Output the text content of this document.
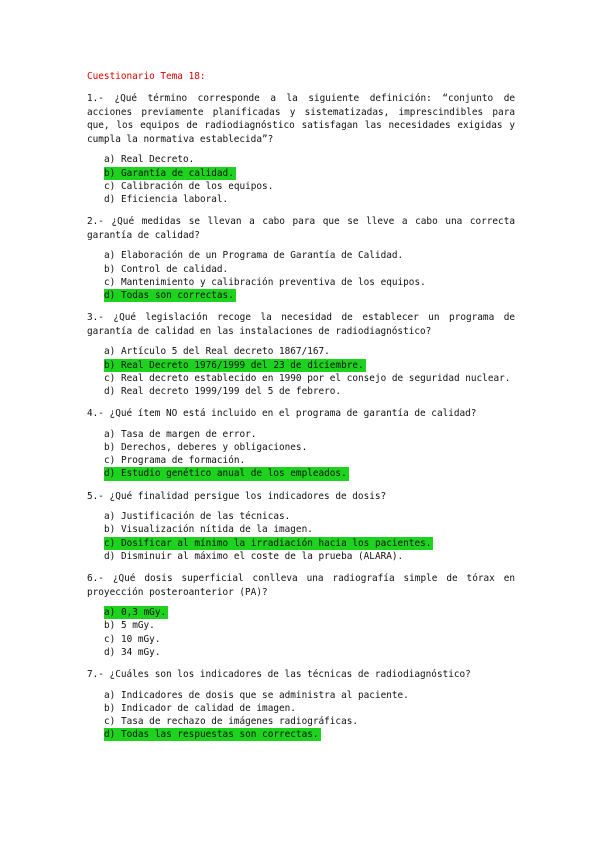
Cuestionario Tema 18:
1.- ¿Qué término corresponde a la siguiente definición: “conjunto de acciones previamente planificadas y sistematizadas, imprescindibles para que, los equipos de radiodiagnóstico satisfagan las necesidades exigidas y cumpla la normativa establecida”?
a)
Real Decreto.
b)
Garantía de calidad.
c)
Calibración de los equipos.
d)
Eficiencia laboral.
2.- ¿Qué medidas se llevan a cabo para que se lleve a cabo una correcta garantía de calidad?
a)
Elaboración de un Programa de Garantía de Calidad.
b)
Control de calidad.
c)
Mantenimiento y calibración preventiva de los equipos.
d)
Todas son correctas.
3.- ¿Qué legislación recoge la necesidad de establecer un programa de garantía de calidad en las instalaciones de radiodiagnóstico?
a)
Artículo 5 del Real decreto 1867/167.
b)
Real Decreto 1976/1999 del 23 de diciembre.
c)
Real decreto establecido en 1990 por el consejo de seguridad nuclear.
d)
Real decreto 1999/199 del 5 de febrero.
4.- ¿Qué ítem NO está incluido en el programa de garantía de calidad?
a)
Tasa de margen de error.
b)
Derechos, deberes y obligaciones.
c)
Programa de formación.
d)
Estudio genético anual de los empleados.
5.- ¿Qué finalidad persigue los indicadores de dosis?
a)
Justificación de las técnicas.
b)
Visualización nítida de la imagen.
c)
Dosificar al mínimo la irradiación hacia los pacientes.
d)
Disminuir al máximo el coste de la prueba (ALARA).
6.- ¿Qué dosis superficial conlleva una radiografía simple de tórax en proyección posteroanterior (PA)?
a)
0,3 mGy.
b)
5 mGy.
c)
10 mGy.
d)
34 mGy.
7.- ¿Cuáles son los indicadores de las técnicas de radiodiagnóstico?
a)
Indicadores de dosis que se administra al paciente.
b)
Indicador de calidad de imagen.
c)
Tasa de rechazo de imágenes radiográficas.
d)
Todas las respuestas son correctas.
